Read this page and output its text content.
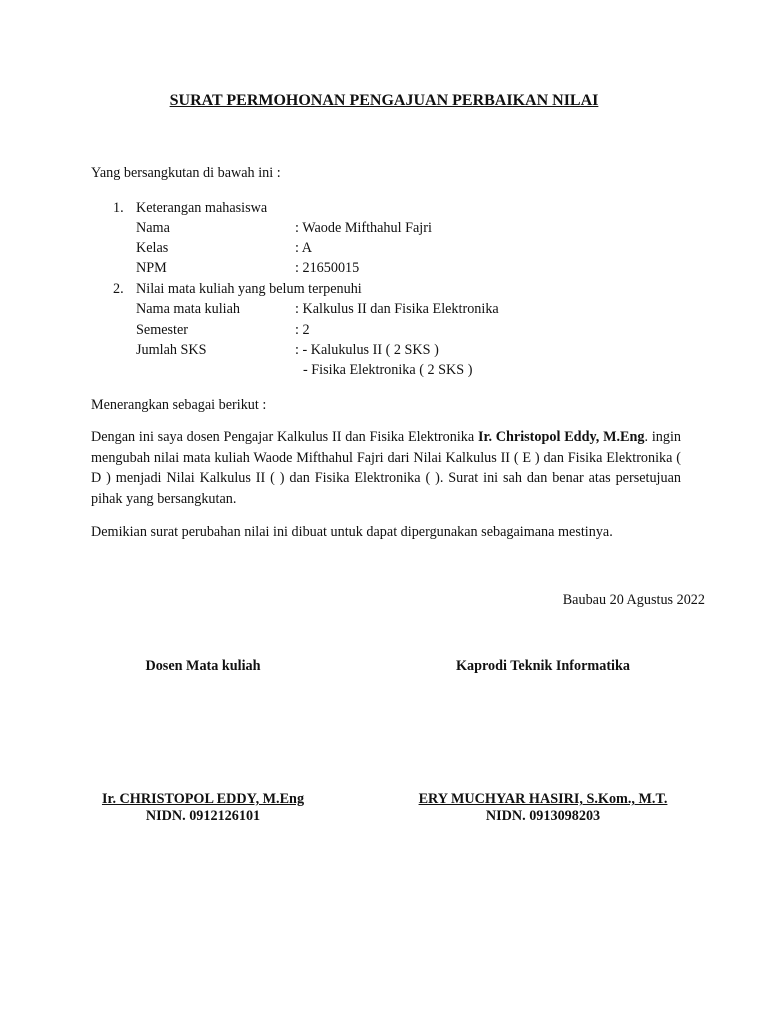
SURAT PERMOHONAN PENGAJUAN PERBAIKAN NILAI
Yang bersangkutan di bawah ini :
1. Keterangan mahasiswa
Nama	: Waode Mifthahul Fajri
Kelas	: A
NPM	: 21650015
2. Nilai mata kuliah yang belum terpenuhi
Nama mata kuliah	: Kalkulus II dan Fisika Elektronika
Semester	: 2
Jumlah SKS	: - Kalukulus II ( 2 SKS )
- Fisika Elektronika ( 2 SKS )
Menerangkan sebagai berikut :
Dengan ini saya dosen Pengajar Kalkulus II dan Fisika Elektronika Ir. Christopol Eddy, M.Eng. ingin mengubah nilai mata kuliah Waode Mifthahul Fajri dari Nilai Kalkulus II ( E ) dan Fisika Elektronika ( D ) menjadi Nilai Kalkulus II ( ) dan Fisika Elektronika ( ). Surat ini sah dan benar atas persetujuan pihak yang bersangkutan.
Demikian surat perubahan nilai ini dibuat untuk dapat dipergunakan sebagaimana mestinya.
Baubau 20 Agustus 2022
Dosen Mata kuliah	Kaprodi Teknik Informatika
Ir. CHRISTOPOL EDDY, M.Eng
NIDN. 0912126101
ERY MUCHYAR HASIRI, S.Kom., M.T.
NIDN. 0913098203
